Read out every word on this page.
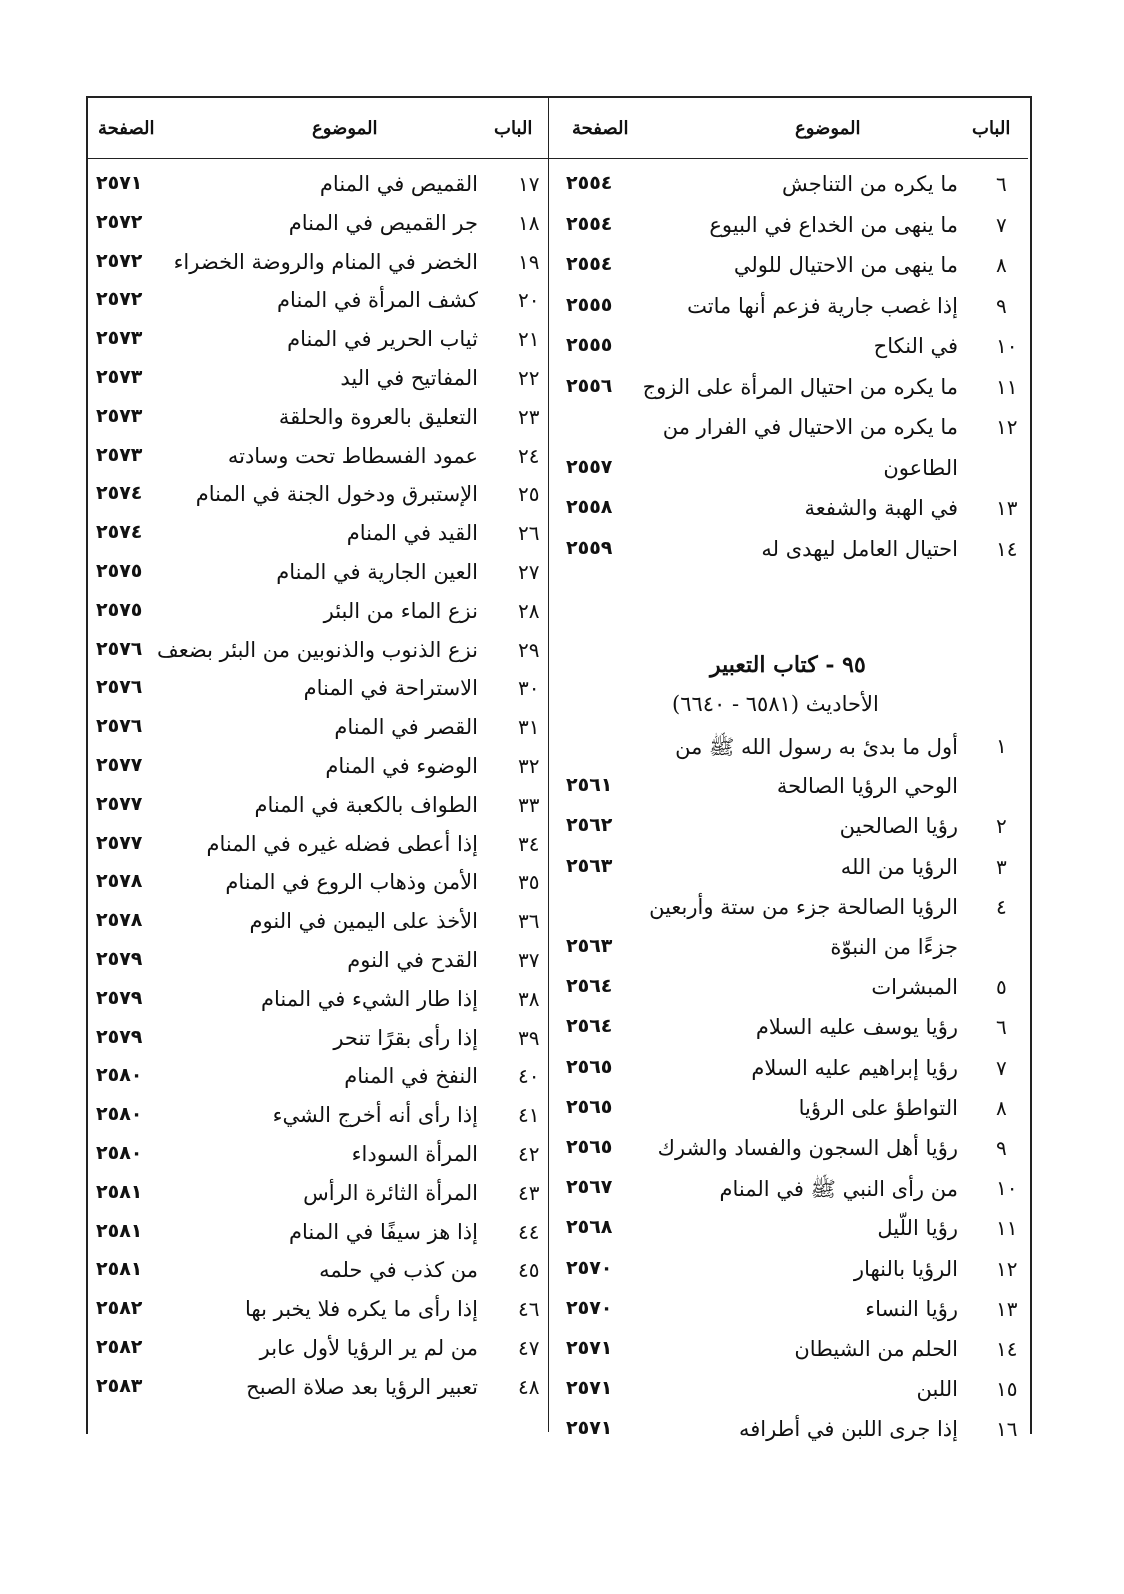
الباب
الموضوع
الصفحة
الباب
الموضوع
الصفحة
٦
ما يكره من التناجش
٢٥٥٤
٧
ما ينهى من الخداع في البيوع
٢٥٥٤
٨
ما ينهى من الاحتيال للولي
٢٥٥٤
٩
إذا غصب جارية فزعم أنها ماتت
٢٥٥٥
١٠
في النكاح
٢٥٥٥
١١
ما يكره من احتيال المرأة على الزوج
٢٥٥٦
١٢
ما يكره من الاحتيال في الفرار من
الطاعون
٢٥٥٧
١٣
في الهبة والشفعة
٢٥٥٨
١٤
احتيال العامل ليهدى له
٢٥٥٩
١
أول ما بدئ به رسول الله ﷺ من
الوحي الرؤيا الصالحة
٢٥٦١
٢
رؤيا الصالحين
٢٥٦٢
٣
الرؤيا من الله
٢٥٦٣
٤
الرؤيا الصالحة جزء من ستة وأربعين
جزءًا من النبوّة
٢٥٦٣
٥
المبشرات
٢٥٦٤
٦
رؤيا يوسف عليه السلام
٢٥٦٤
٧
رؤيا إبراهيم عليه السلام
٢٥٦٥
٨
التواطؤ على الرؤيا
٢٥٦٥
٩
رؤيا أهل السجون والفساد والشرك
٢٥٦٥
١٠
من رأى النبي ﷺ في المنام
٢٥٦٧
١١
رؤيا اللّيل
٢٥٦٨
١٢
الرؤيا بالنهار
٢٥٧٠
١٣
رؤيا النساء
٢٥٧٠
١٤
الحلم من الشيطان
٢٥٧١
١٥
اللبن
٢٥٧١
١٦
إذا جرى اللبن في أطرافه
٢٥٧١
١٧
القميص في المنام
٢٥٧١
١٨
جر القميص في المنام
٢٥٧٢
١٩
الخضر في المنام والروضة الخضراء
٢٥٧٢
٢٠
كشف المرأة في المنام
٢٥٧٢
٢١
ثياب الحرير في المنام
٢٥٧٣
٢٢
المفاتيح في اليد
٢٥٧٣
٢٣
التعليق بالعروة والحلقة
٢٥٧٣
٢٤
عمود الفسطاط تحت وسادته
٢٥٧٣
٢٥
الإستبرق ودخول الجنة في المنام
٢٥٧٤
٢٦
القيد في المنام
٢٥٧٤
٢٧
العين الجارية في المنام
٢٥٧٥
٢٨
نزع الماء من البئر
٢٥٧٥
٢٩
نزع الذنوب والذنوبين من البئر بضعف
٢٥٧٦
٣٠
الاستراحة في المنام
٢٥٧٦
٣١
القصر في المنام
٢٥٧٦
٣٢
الوضوء في المنام
٢٥٧٧
٣٣
الطواف بالكعبة في المنام
٢٥٧٧
٣٤
إذا أعطى فضله غيره في المنام
٢٥٧٧
٣٥
الأمن وذهاب الروع في المنام
٢٥٧٨
٣٦
الأخذ على اليمين في النوم
٢٥٧٨
٣٧
القدح في النوم
٢٥٧٩
٣٨
إذا طار الشيء في المنام
٢٥٧٩
٣٩
إذا رأى بقرًا تنحر
٢٥٧٩
٤٠
النفخ في المنام
٢٥٨٠
٤١
إذا رأى أنه أخرج الشيء
٢٥٨٠
٤٢
المرأة السوداء
٢٥٨٠
٤٣
المرأة الثائرة الرأس
٢٥٨١
٤٤
إذا هز سيفًا في المنام
٢٥٨١
٤٥
من كذب في حلمه
٢٥٨١
٤٦
إذا رأى ما يكره فلا يخبر بها
٢٥٨٢
٤٧
من لم ير الرؤيا لأول عابر
٢٥٨٢
٤٨
تعبير الرؤيا بعد صلاة الصبح
٢٥٨٣
٩٥ - كتاب التعبير
الأحاديث (٦٥٨١ - ٦٦٤٠)
